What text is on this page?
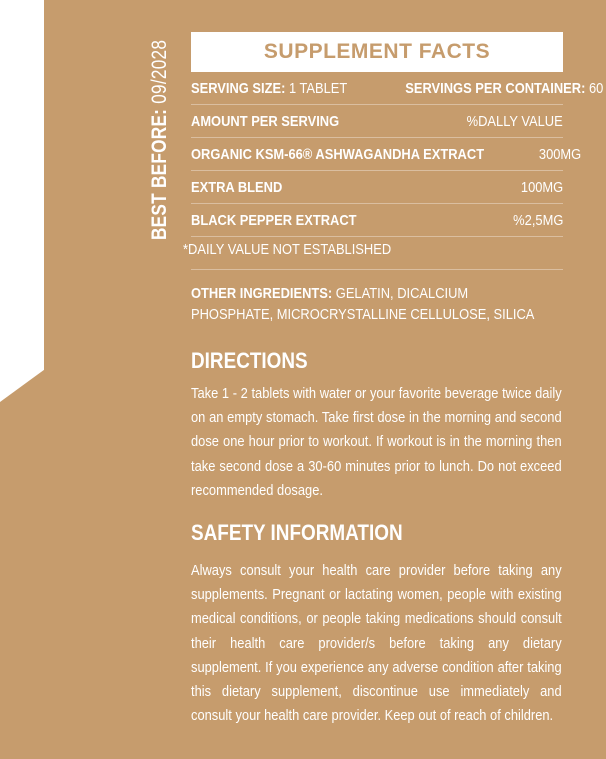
BEST BEFORE: 09/2028	SUPPLEMENT FACTS
SERVING SIZE: 1 TABLET	SERVINGS PER CONTAINER: 60
AMOUNT PER SERVING	%DALLY VALUE
ORGANIC KSM-66® ASHWAGANDHA EXTRACT	300MG
EXTRA BLEND	100MG
BLACK PEPPER EXTRACT	%2,5MG
*DAILY VALUE NOT ESTABLISHED
OTHER INGREDIENTS: GELATIN, DICALCIUM PHOSPHATE, MICROCRYSTALLINE CELLULOSE, SILICA
DIRECTIONS
Take 1 - 2 tablets with water or your favorite beverage twice daily on an empty stomach. Take first dose in the morning and second dose one hour prior to workout. If workout is in the morning then take second dose a 30-60 minutes prior to lunch. Do not exceed recommended dosage.
SAFETY INFORMATION
Always consult your health care provider before taking any supplements. Pregnant or lactating women, people with existing medical conditions, or people taking medications should consult their health care provider/s before taking any dietary supplement. If you experience any adverse condition after taking this dietary supplement, discontinue use immediately and consult your health care provider. Keep out of reach of children.
